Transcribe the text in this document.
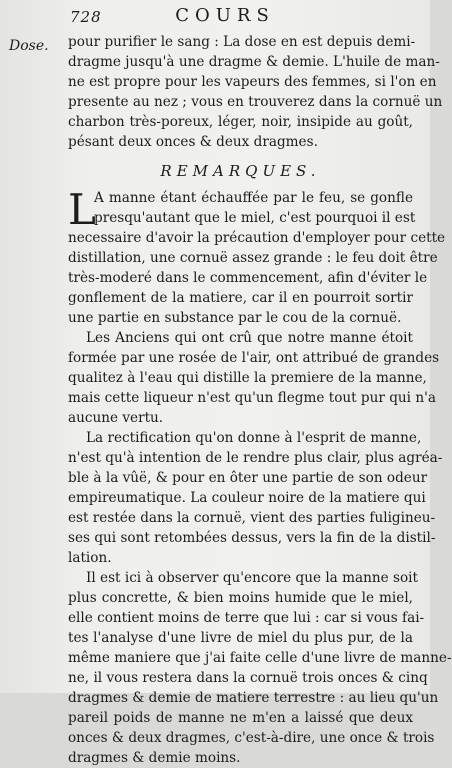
728	COURS
Dose. pour purifier le sang : La dose en est depuis demi-
dragme jusqu'à une dragme & demie. L'huile de man-
ne est propre pour les vapeurs des femmes, si l'on en
presente au nez ; vous en trouverez dans la cornuë un
charbon très-poreux, léger, noir, insipide au goût,
pésant deux onces & deux dragmes.
REMARQUES.
L
A manne étant échauffée par le feu, se gonfle
presqu'autant que le miel, c'est pourquoi il est
necessaire d'avoir la précaution d'employer pour cette
distillation, une cornuë assez grande : le feu doit être
très-moderé dans le commencement, afin d'éviter le
gonflement de la matiere, car il en pourroit sortir
une partie en substance par le cou de la cornuë.
Les Anciens qui ont crû que notre manne étoit
formée par une rosée de l'air, ont attribué de grandes
qualitez à l'eau qui distille la premiere de la manne,
mais cette liqueur n'est qu'un flegme tout pur qui n'a
aucune vertu.
La rectification qu'on donne à l'esprit de manne,
n'est qu'à intention de le rendre plus clair, plus agréa-
ble à la vûë, & pour en ôter une partie de son odeur
empireumatique. La couleur noire de la matiere qui
est restée dans la cornuë, vient des parties fuligineu-
ses qui sont retombées dessus, vers la fin de la distil-
lation.
Il est ici à observer qu'encore que la manne soit
plus concrette, & bien moins humide que le miel,
elle contient moins de terre que lui : car si vous fai-
tes l'analyse d'une livre de miel du plus pur, de la
même maniere que j'ai faite celle d'une livre de manne-
ne, il vous restera dans la cornuë trois onces & cinq
dragmes & demie de matiere terrestre : au lieu qu'un
pareil poids de manne ne m'en a laissé que deux
onces & deux dragmes, c'est-à-dire, une once & trois
dragmes & demie moins.
